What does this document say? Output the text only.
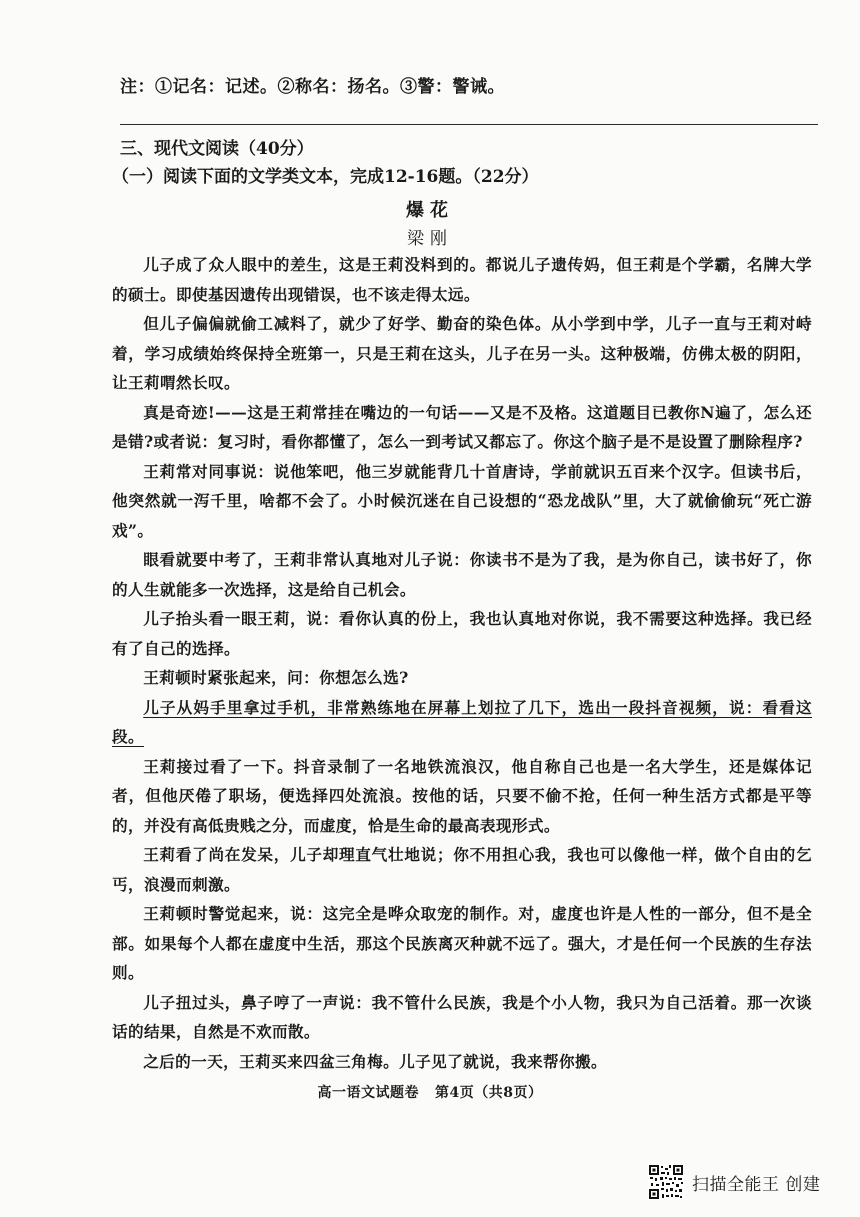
注：①记名：记述。②称名：扬名。③警：警诫。
三、现代文阅读（40分）
（一）阅读下面的文学类文本，完成12-16题。（22分）
爆花
梁刚

儿子成了众人眼中的差生，这是王莉没料到的。都说儿子遗传妈，但王莉是个学霸，名牌大学的硕士。即使基因遗传出现错误，也不该走得太远。

但儿子偏偏就偷工减料了，就少了好学、勤奋的染色体。从小学到中学，儿子一直与王莉对峙着，学习成绩始终保持全班第一，只是王莉在这头，儿子在另一头。这种极端，仿佛太极的阴阳，让王莉喟然长叹。

真是奇迹!——这是王莉常挂在嘴边的一句话——又是不及格。这道题目已教你N遍了，怎么还是错?或者说：复习时，看你都懂了，怎么一到考试又都忘了。你这个脑子是不是设置了删除程序?

王莉常对同事说：说他笨吧，他三岁就能背几十首唐诗，学前就识五百来个汉字。但读书后，他突然就一泻千里，啥都不会了。小时候沉迷在自己设想的“恐龙战队”里，大了就偷偷玩“死亡游戏”。

眼看就要中考了，王莉非常认真地对儿子说：你读书不是为了我，是为你自己，读书好了，你的人生就能多一次选择，这是给自己机会。

儿子抬头看一眼王莉，说：看你认真的份上，我也认真地对你说，我不需要这种选择。我已经有了自己的选择。

王莉顿时紧张起来，问：你想怎么选?

儿子从妈手里拿过手机，非常熟练地在屏幕上划拉了几下，选出一段抖音视频，说：看看这段。

王莉接过看了一下。抖音录制了一名地铁流浪汉，他自称自己也是一名大学生，还是媒体记者，但他厌倦了职场，便选择四处流浪。按他的话，只要不偷不抢，任何一种生活方式都是平等的，并没有高低贵贱之分，而虚度，恰是生命的最高表现形式。

王莉看了尚在发呆，儿子却理直气壮地说；你不用担心我，我也可以像他一样，做个自由的乞丐，浪漫而刺激。

王莉顿时警觉起来，说：这完全是哗众取宠的制作。对，虚度也许是人性的一部分，但不是全部。如果每个人都在虚度中生活，那这个民族离灭种就不远了。强大，才是任何一个民族的生存法则。

儿子扭过头，鼻子哼了一声说：我不管什么民族，我是个小人物，我只为自己活着。那一次谈话的结果，自然是不欢而散。

之后的一天，王莉买来四盆三角梅。儿子见了就说，我来帮你搬。

高一语文试题卷 第4页（共8页）
扫描全能王 创建
